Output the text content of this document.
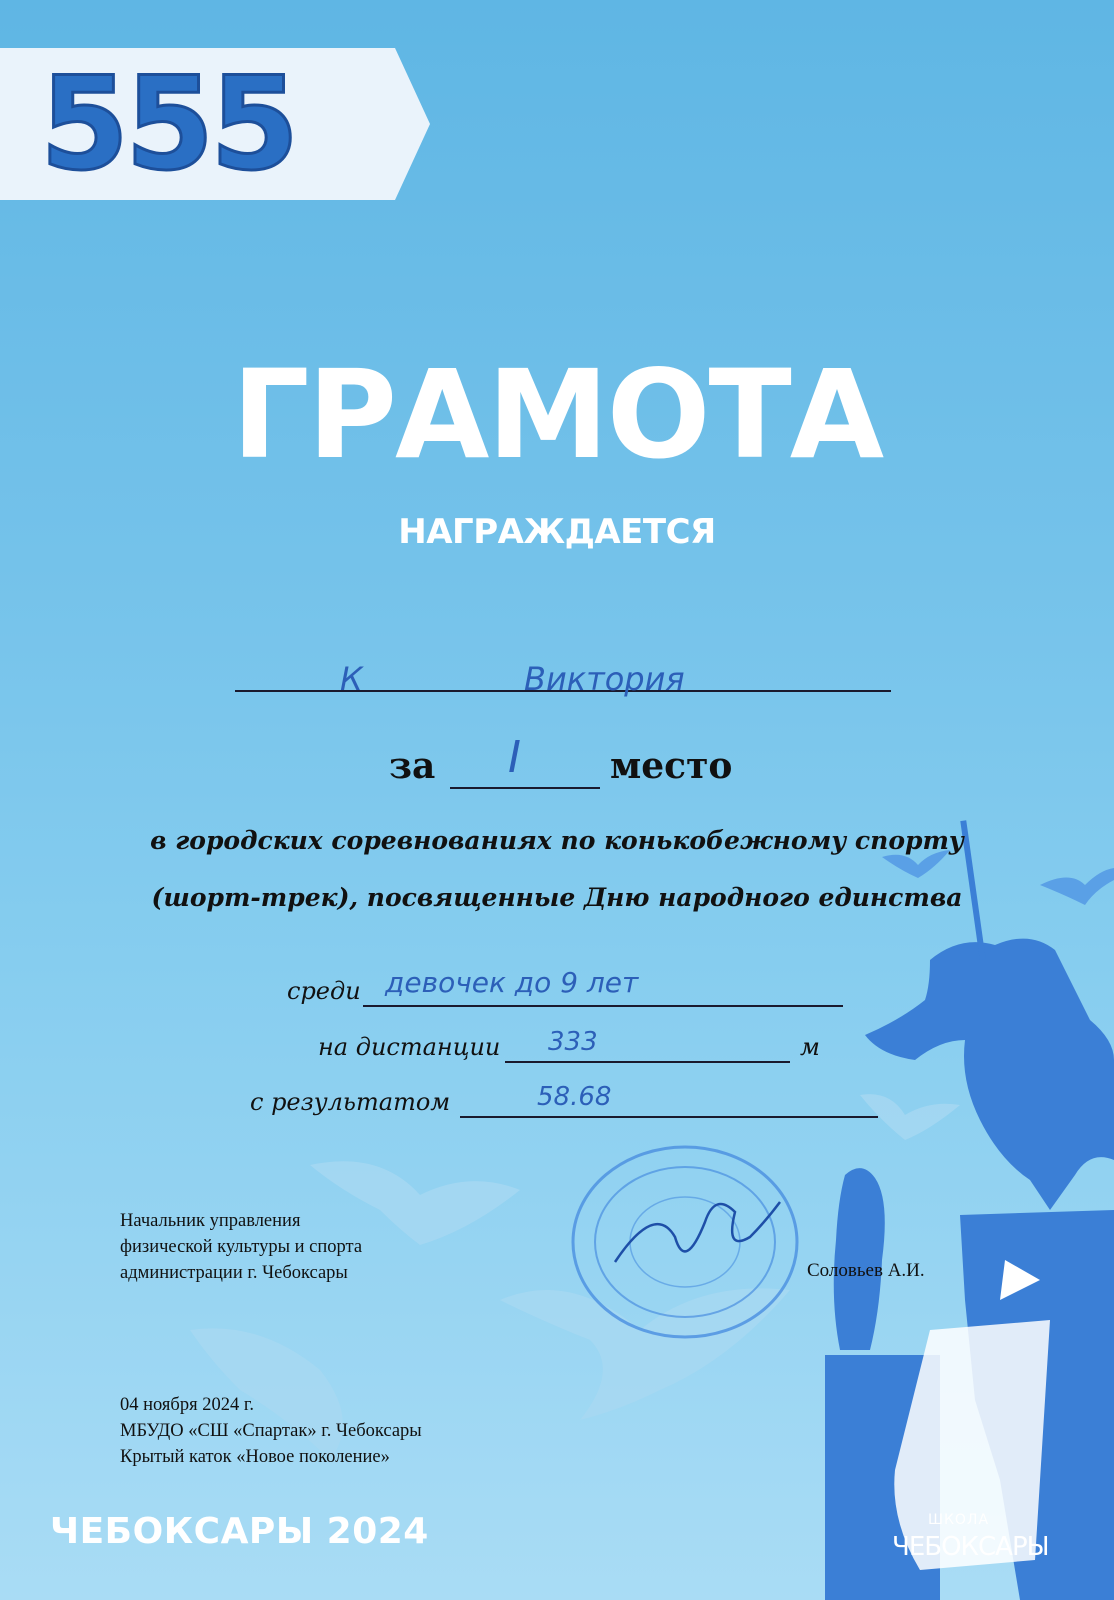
555
ГРАМОТА
НАГРАЖДАЕТСЯ
К	Виктория
за I место
в городских соревнованиях по конькобежному спорту
(шорт-трек), посвященные Дню народного единства
среди девочек до 9 лет
на дистанции 333	м
с результатом	58.68
Начальник управления
физической культуры и спорта
администрации г. Чебоксары	Соловьев А.И.
04 ноября 2024 г.
МБУДО «СШ «Спартак» г. Чебоксары
Крытый каток «Новое поколение»
ЧЕБОКСАРЫ 2024	ШКОЛА
ЧЕБОКСАРЫ
